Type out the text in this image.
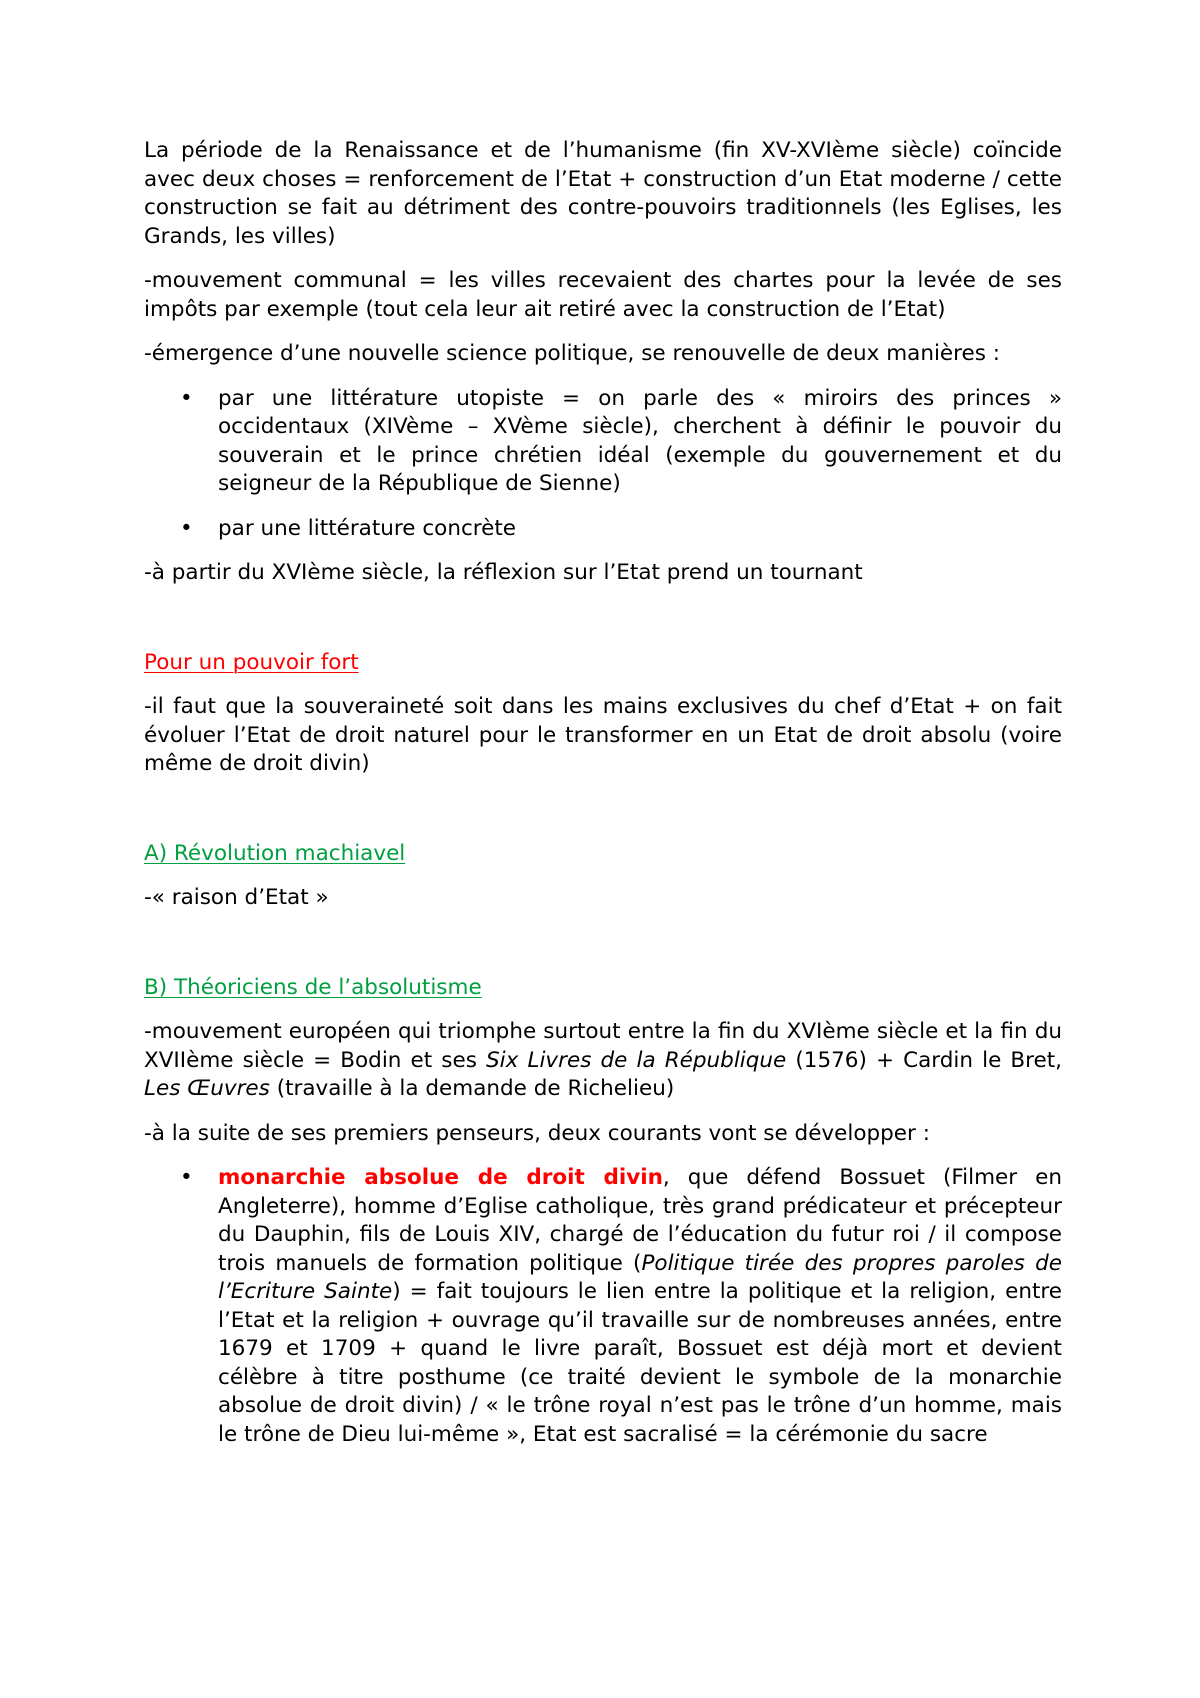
La période de la Renaissance et de l’humanisme (fin XV-XVIème siècle) coïncide avec deux choses = renforcement de l’Etat + construction d’un Etat moderne / cette construction se fait au détriment des contre-pouvoirs traditionnels (les Eglises, les Grands, les villes)

-mouvement communal = les villes recevaient des chartes pour la levée de ses impôts par exemple (tout cela leur ait retiré avec la construction de l’Etat)

-émergence d’une nouvelle science politique, se renouvelle de deux manières :

• par une littérature utopiste = on parle des « miroirs des princes » occidentaux (XIVème – XVème siècle), cherchent à définir le pouvoir du souverain et le prince chrétien idéal (exemple du gouvernement et du seigneur de la République de Sienne)
• par une littérature concrète

-à partir du XVIème siècle, la réflexion sur l’Etat prend un tournant

Pour un pouvoir fort

-il faut que la souveraineté soit dans les mains exclusives du chef d’Etat + on fait évoluer l’Etat de droit naturel pour le transformer en un Etat de droit absolu (voire même de droit divin)

A) Révolution machiavel

-« raison d’Etat »

B) Théoriciens de l’absolutisme

-mouvement européen qui triomphe surtout entre la fin du XVIème siècle et la fin du XVIIème siècle = Bodin et ses Six Livres de la République (1576) + Cardin le Bret, Les Œuvres (travaille à la demande de Richelieu)

-à la suite de ses premiers penseurs, deux courants vont se développer :

• monarchie absolue de droit divin, que défend Bossuet (Filmer en Angleterre), homme d’Eglise catholique, très grand prédicateur et précepteur du Dauphin, fils de Louis XIV, chargé de l’éducation du futur roi / il compose trois manuels de formation politique (Politique tirée des propres paroles de l’Ecriture Sainte) = fait toujours le lien entre la politique et la religion, entre l’Etat et la religion + ouvrage qu’il travaille sur de nombreuses années, entre 1679 et 1709 + quand le livre paraît, Bossuet est déjà mort et devient célèbre à titre posthume (ce traité devient le symbole de la monarchie absolue de droit divin) / « le trône royal n’est pas le trône d’un homme, mais le trône de Dieu lui-même », Etat est sacralisé = la cérémonie du sacre
